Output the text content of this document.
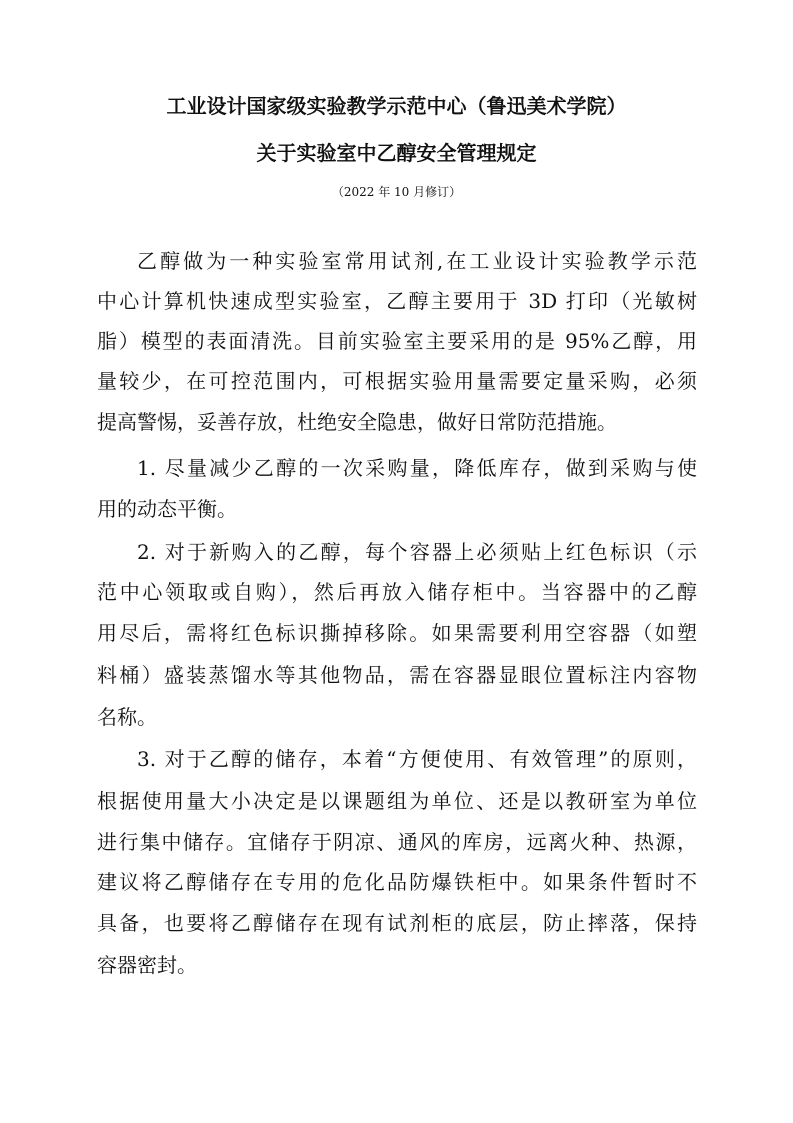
工业设计国家级实验教学示范中心（鲁迅美术学院）
关于实验室中乙醇安全管理规定
（2022 年 10 月修订）
乙醇做为一种实验室常用试剂,在工业设计实验教学示范
中心计算机快速成型实验室，乙醇主要用于 3D 打印（光敏树
脂）模型的表面清洗。目前实验室主要采用的是 95%乙醇，用
量较少，在可控范围内，可根据实验用量需要定量采购，必须
提高警惕，妥善存放，杜绝安全隐患，做好日常防范措施。
1. 尽量减少乙醇的一次采购量，降低库存，做到采购与使
用的动态平衡。
2. 对于新购入的乙醇，每个容器上必须贴上红色标识（示
范中心领取或自购），然后再放入储存柜中。当容器中的乙醇
用尽后，需将红色标识撕掉移除。如果需要利用空容器（如塑
料桶）盛装蒸馏水等其他物品，需在容器显眼位置标注内容物
名称。
3. 对于乙醇的储存，本着“方便使用、有效管理”的原则，
根据使用量大小决定是以课题组为单位、还是以教研室为单位
进行集中储存。宜储存于阴凉、通风的库房，远离火种、热源，
建议将乙醇储存在专用的危化品防爆铁柜中。如果条件暂时不
具备，也要将乙醇储存在现有试剂柜的底层，防止摔落，保持
容器密封。
